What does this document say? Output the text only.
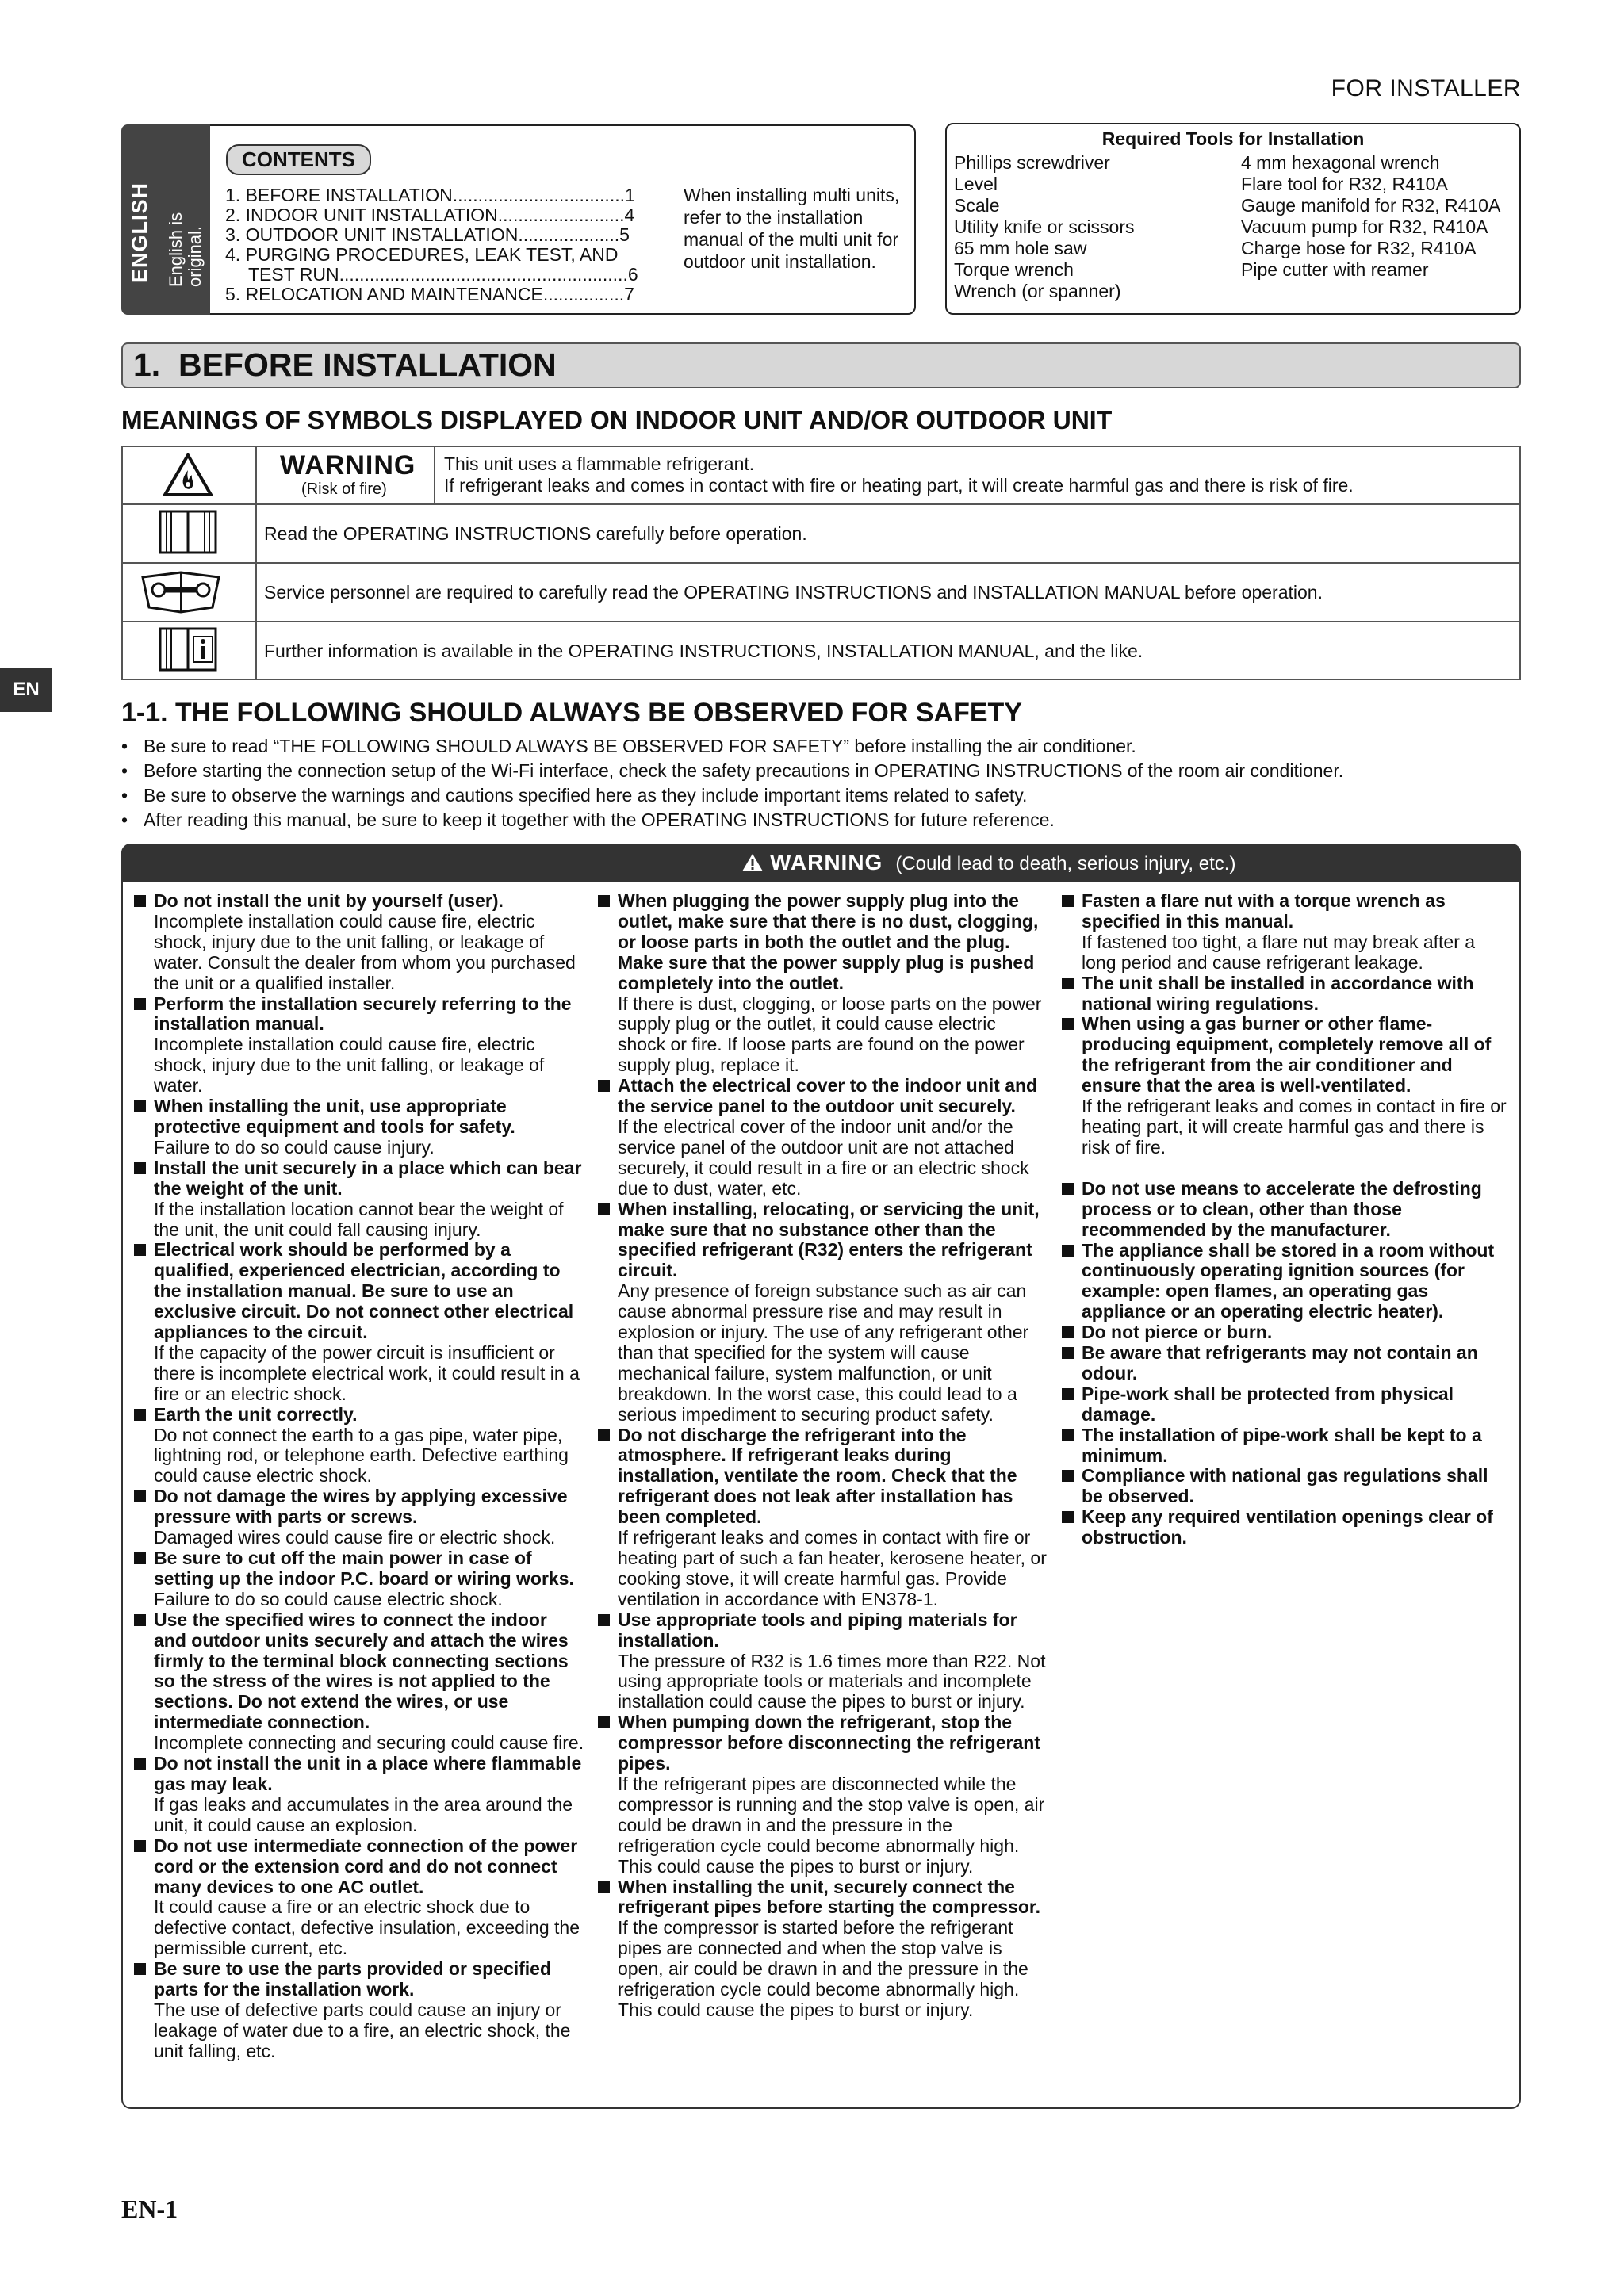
FOR INSTALLER
ENGLISH English is original.
CONTENTS
1. BEFORE INSTALLATION..................................1
2. INDOOR UNIT INSTALLATION.........................4
3. OUTDOOR UNIT INSTALLATION....................5
4. PURGING PROCEDURES, LEAK TEST, AND
TEST RUN.........................................................6
5. RELOCATION AND MAINTENANCE................7
When installing multi units, refer to the installation manual of the multi unit for outdoor unit installation.
Required Tools for Installation
Phillips screwdriver
Level
Scale
Utility knife or scissors
65 mm hole saw
Torque wrench
Wrench (or spanner)
4 mm hexagonal wrench
Flare tool for R32, R410A
Gauge manifold for R32, R410A
Vacuum pump for R32, R410A
Charge hose for R32, R410A
Pipe cutter with reamer
1.  BEFORE INSTALLATION
MEANINGS OF SYMBOLS DISPLAYED ON INDOOR UNIT AND/OR OUTDOOR UNIT
WARNING
(Risk of fire)
This unit uses a flammable refrigerant.
If refrigerant leaks and comes in contact with fire or heating part, it will create harmful gas and there is risk of fire.
Read the OPERATING INSTRUCTIONS carefully before operation.
Service personnel are required to carefully read the OPERATING INSTRUCTIONS and INSTALLATION MANUAL before operation.
Further information is available in the OPERATING INSTRUCTIONS, INSTALLATION MANUAL, and the like.
EN
1-1. THE FOLLOWING SHOULD ALWAYS BE OBSERVED FOR SAFETY
• Be sure to read “THE FOLLOWING SHOULD ALWAYS BE OBSERVED FOR SAFETY” before installing the air conditioner.
• Before starting the connection setup of the Wi-Fi interface, check the safety precautions in OPERATING INSTRUCTIONS of the room air conditioner.
• Be sure to observe the warnings and cautions specified here as they include important items related to safety.
• After reading this manual, be sure to keep it together with the OPERATING INSTRUCTIONS for future reference.
WARNING (Could lead to death, serious injury, etc.)
Do not install the unit by yourself (user).
Incomplete installation could cause fire, electric shock, injury due to the unit falling, or leakage of water. Consult the dealer from whom you purchased the unit or a qualified installer.
Perform the installation securely referring to the installation manual.
Incomplete installation could cause fire, electric shock, injury due to the unit falling, or leakage of water.
When installing the unit, use appropriate protective equipment and tools for safety.
Failure to do so could cause injury.
Install the unit securely in a place which can bear the weight of the unit.
If the installation location cannot bear the weight of the unit, the unit could fall causing injury.
Electrical work should be performed by a qualified, experienced electrician, according to the installation manual. Be sure to use an exclusive circuit. Do not connect other electrical appliances to the circuit.
If the capacity of the power circuit is insufficient or there is incomplete electrical work, it could result in a fire or an electric shock.
Earth the unit correctly.
Do not connect the earth to a gas pipe, water pipe, lightning rod, or telephone earth. Defective earthing could cause electric shock.
Do not damage the wires by applying excessive pressure with parts or screws.
Damaged wires could cause fire or electric shock.
Be sure to cut off the main power in case of setting up the indoor P.C. board or wiring works.
Failure to do so could cause electric shock.
Use the specified wires to connect the indoor and outdoor units securely and attach the wires firmly to the terminal block connecting sections so the stress of the wires is not applied to the sections. Do not extend the wires, or use intermediate connection.
Incomplete connecting and securing could cause fire.
Do not install the unit in a place where flammable gas may leak.
If gas leaks and accumulates in the area around the unit, it could cause an explosion.
Do not use intermediate connection of the power cord or the extension cord and do not connect many devices to one AC outlet.
It could cause a fire or an electric shock due to defective contact, defective insulation, exceeding the permissible current, etc.
Be sure to use the parts provided or specified parts for the installation work.
The use of defective parts could cause an injury or leakage of water due to a fire, an electric shock, the unit falling, etc.
When plugging the power supply plug into the outlet, make sure that there is no dust, clogging, or loose parts in both the outlet and the plug. Make sure that the power supply plug is pushed completely into the outlet.
If there is dust, clogging, or loose parts on the power supply plug or the outlet, it could cause electric shock or fire. If loose parts are found on the power supply plug, replace it.
Attach the electrical cover to the indoor unit and the service panel to the outdoor unit securely.
If the electrical cover of the indoor unit and/or the service panel of the outdoor unit are not attached securely, it could result in a fire or an electric shock due to dust, water, etc.
When installing, relocating, or servicing the unit, make sure that no substance other than the specified refrigerant (R32) enters the refrigerant circuit.
Any presence of foreign substance such as air can cause abnormal pressure rise and may result in explosion or injury. The use of any refrigerant other than that specified for the system will cause mechanical failure, system malfunction, or unit breakdown. In the worst case, this could lead to a serious impediment to securing product safety.
Do not discharge the refrigerant into the atmosphere. If refrigerant leaks during installation, ventilate the room. Check that the refrigerant does not leak after installation has been completed.
If refrigerant leaks and comes in contact with fire or heating part of such a fan heater, kerosene heater, or cooking stove, it will create harmful gas. Provide ventilation in accordance with EN378-1.
Use appropriate tools and piping materials for installation.
The pressure of R32 is 1.6 times more than R22. Not using appropriate tools or materials and incomplete installation could cause the pipes to burst or injury.
When pumping down the refrigerant, stop the compressor before disconnecting the refrigerant pipes.
If the refrigerant pipes are disconnected while the compressor is running and the stop valve is open, air could be drawn in and the pressure in the refrigeration cycle could become abnormally high. This could cause the pipes to burst or injury.
When installing the unit, securely connect the refrigerant pipes before starting the compressor.
If the compressor is started before the refrigerant pipes are connected and when the stop valve is open, air could be drawn in and the pressure in the refrigeration cycle could become abnormally high. This could cause the pipes to burst or injury.
Fasten a flare nut with a torque wrench as specified in this manual.
If fastened too tight, a flare nut may break after a long period and cause refrigerant leakage.
The unit shall be installed in accordance with national wiring regulations.
When using a gas burner or other flame-producing equipment, completely remove all of the refrigerant from the air conditioner and ensure that the area is well-ventilated.
If the refrigerant leaks and comes in contact in fire or heating part, it will create harmful gas and there is risk of fire.
Do not use means to accelerate the defrosting process or to clean, other than those recommended by the manufacturer.
The appliance shall be stored in a room without continuously operating ignition sources (for example: open flames, an operating gas appliance or an operating electric heater).
Do not pierce or burn.
Be aware that refrigerants may not contain an odour.
Pipe-work shall be protected from physical damage.
The installation of pipe-work shall be kept to a minimum.
Compliance with national gas regulations shall be observed.
Keep any required ventilation openings clear of obstruction.
EN-1
